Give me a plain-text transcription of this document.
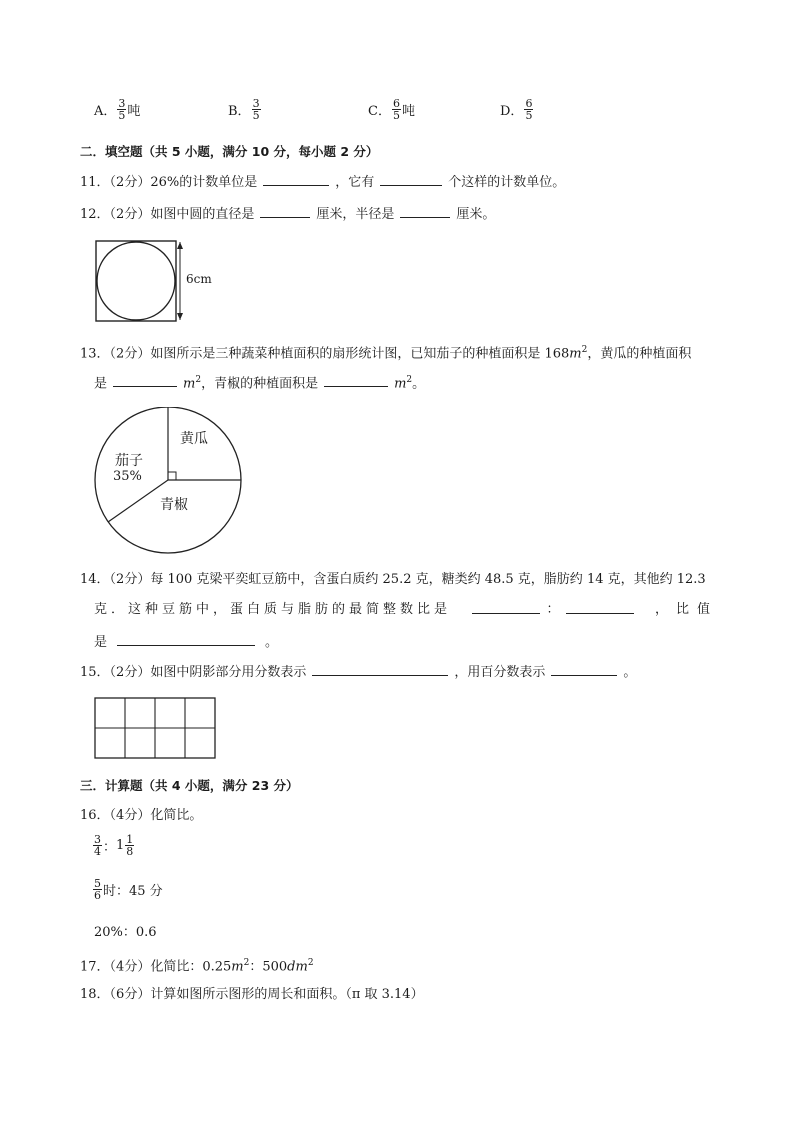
A． $\frac{3}{5}$ 吨	B． $\frac{3}{5}$	C． $\frac{6}{5}$ 吨	D． $\frac{6}{5}$
二．填空题（共 5 小题，满分 10 分，每小题 2 分）
11．（2分）26%的计数单位是	，它有	个这样的计数单位。
12．（2分）如图中圆的直径是	厘米，半径是	厘米。
6cm
13．（2分）如图所示是三种蔬菜种植面积的扇形统计图，已知茄子的种植面积是 $168m^2$，黄瓜的种植面积
是	$m^2$，青椒的种植面积是	$m^2$。
黄瓜
茄子
35%
青椒
14．（2分）每 100 克梁平奕虹豆筋中，含蛋白质约 25.2 克，糖类约 48.5 克，脂肪约 14 克，其他约 12.3
克．这种豆筋中，蛋白质与脂肪的最简整数比是	：	，比值
是	。
15．（2分）如图中阴影部分用分数表示	，用百分数表示	。
三．计算题（共 4 小题，满分 23 分）
16．（4分）化简比。
$\frac{3}{4}$ ： $1 \frac{1}{8}$
$\frac{5}{6}$ 时：45 分
20%：0.6
17．（4分）化简比：$0.25m^2$：$500dm^2$
18．（6分）计算如图所示图形的周长和面积。（π 取 3.14）
